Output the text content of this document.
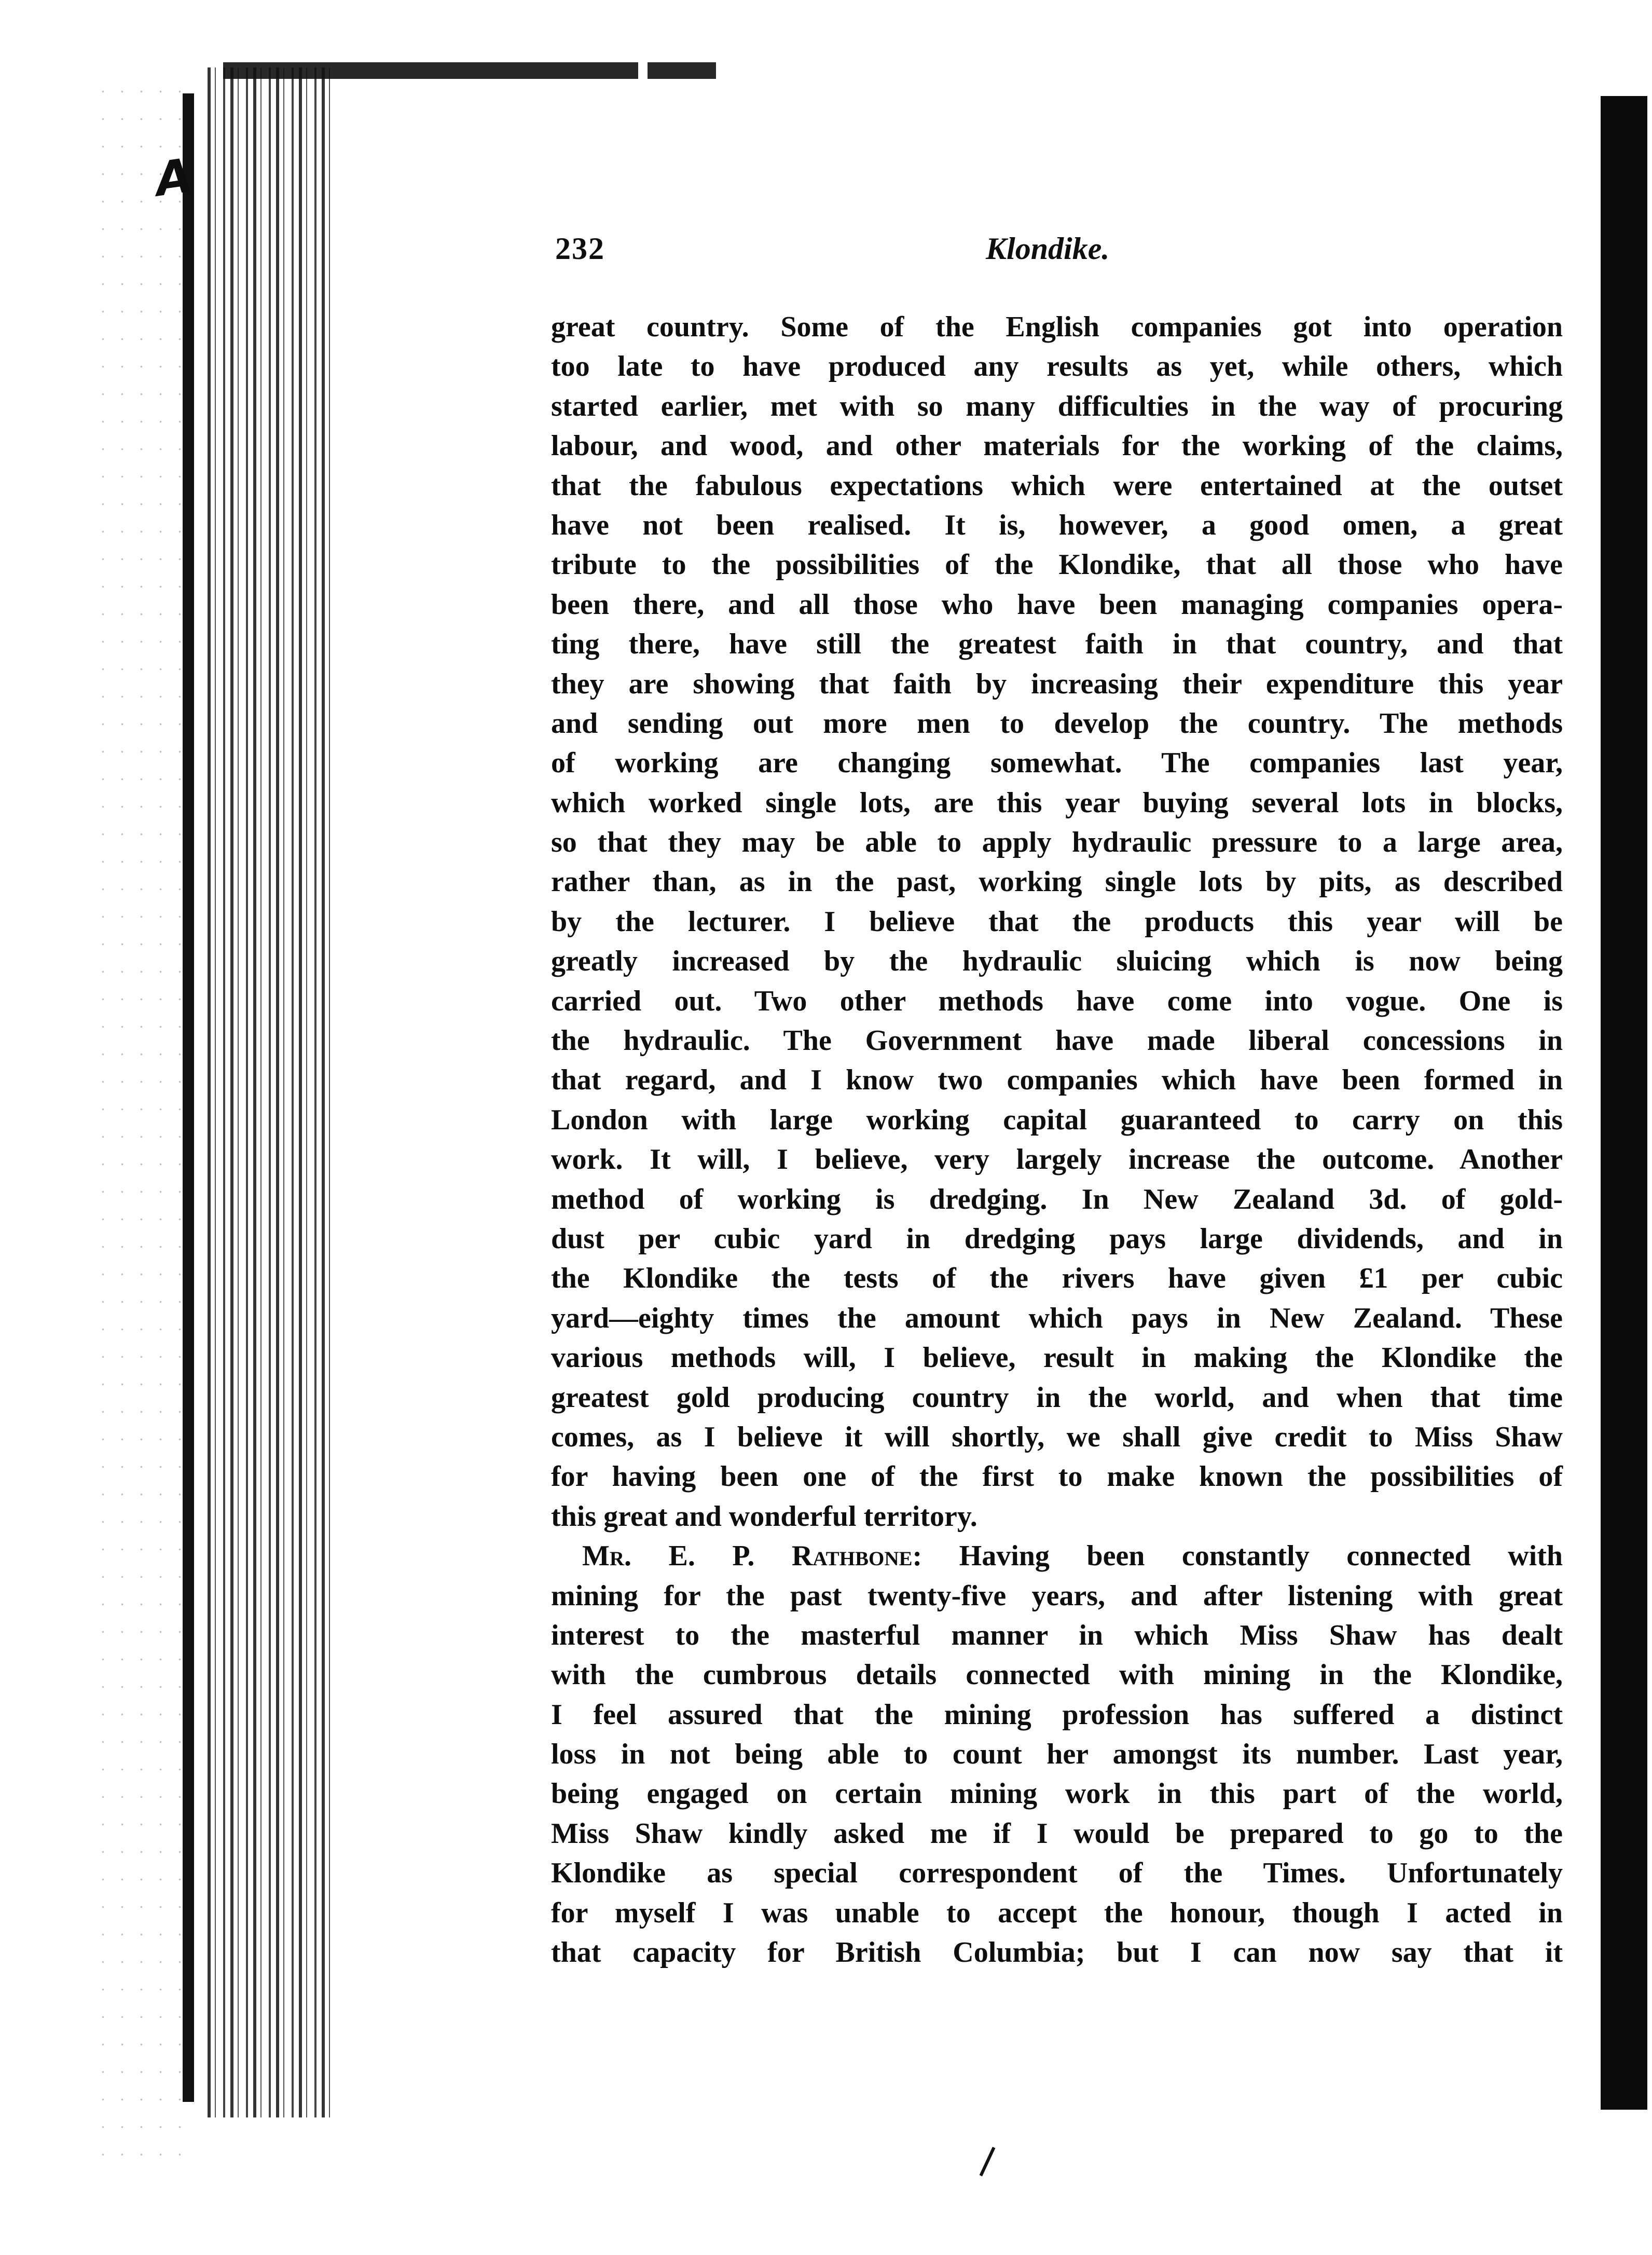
A
232	Klondike.
great country. Some of the English companies got into operation
too late to have produced any results as yet, while others, which
started earlier, met with so many difficulties in the way of procuring
labour, and wood, and other materials for the working of the claims,
that the fabulous expectations which were entertained at the outset
have not been realised. It is, however, a good omen, a great
tribute to the possibilities of the Klondike, that all those who have
been there, and all those who have been managing companies opera-
ting there, have still the greatest faith in that country, and that
they are showing that faith by increasing their expenditure this year
and sending out more men to develop the country. The methods
of working are changing somewhat. The companies last year,
which worked single lots, are this year buying several lots in blocks,
so that they may be able to apply hydraulic pressure to a large area,
rather than, as in the past, working single lots by pits, as described
by the lecturer. I believe that the products this year will be
greatly increased by the hydraulic sluicing which is now being
carried out. Two other methods have come into vogue. One is
the hydraulic. The Government have made liberal concessions in
that regard, and I know two companies which have been formed in
London with large working capital guaranteed to carry on this
work. It will, I believe, very largely increase the outcome. Another
method of working is dredging. In New Zealand 3d. of gold-
dust per cubic yard in dredging pays large dividends, and in
the Klondike the tests of the rivers have given £1 per cubic
yard—eighty times the amount which pays in New Zealand. These
various methods will, I believe, result in making the Klondike the
greatest gold producing country in the world, and when that time
comes, as I believe it will shortly, we shall give credit to Miss Shaw
for having been one of the first to make known the possibilities of
this great and wonderful territory.
Mr. E. P. Rathbone: Having been constantly connected with
mining for the past twenty-five years, and after listening with great
interest to the masterful manner in which Miss Shaw has dealt
with the cumbrous details connected with mining in the Klondike,
I feel assured that the mining profession has suffered a distinct
loss in not being able to count her amongst its number. Last year,
being engaged on certain mining work in this part of the world,
Miss Shaw kindly asked me if I would be prepared to go to the
Klondike as special correspondent of the Times. Unfortunately
for myself I was unable to accept the honour, though I acted in
that capacity for British Columbia; but I can now say that it
